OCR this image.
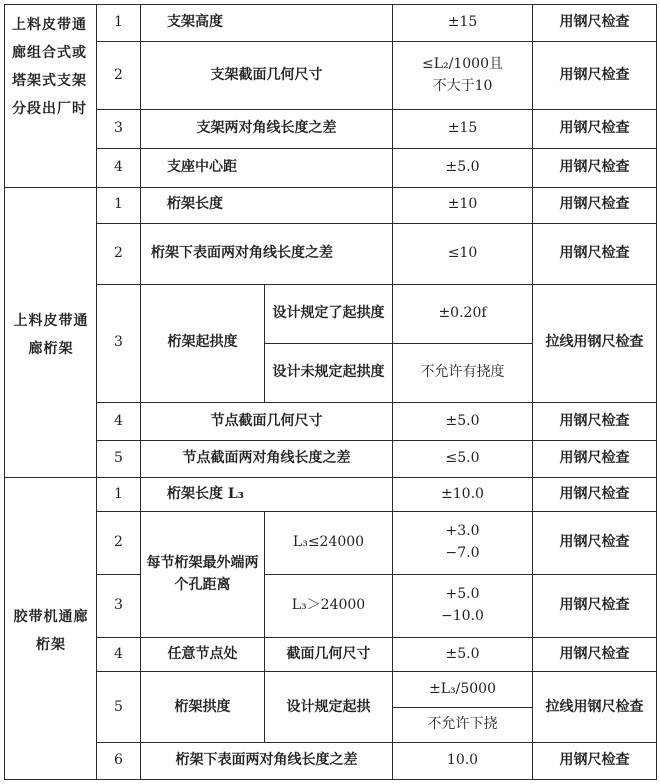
上料皮带通廊组合式或塔架式支架分段出厂时	1	支架高度		±15	用钢尺检查
	2	支架截面几何尺寸		≤L₂/1000且
不大于10	用钢尺检查
	3	支架两对角线长度之差		±15	用钢尺检查
	4	支座中心距		±5.0	用钢尺检查
上料皮带通廊桁架	1	桁架长度		±10	用钢尺检查
	2	桁架下表面两对角线长度之差		≤10	用钢尺检查
	3	桁架起拱度	设计规定了起拱度	±0.20f	拉线用钢尺检查
			设计未规定起拱度	不允许有挠度	
	4	节点截面几何尺寸		±5.0	用钢尺检查
	5	节点截面两对角线长度之差		≤5.0	用钢尺检查
胶带机通廊桁架	1	桁架长度 L₃		±10.0	用钢尺检查
	2	每节桁架最外端两个孔距离	L₃≤24000	+3.0
−7.0	用钢尺检查
	3		L₃＞24000	+5.0
−10.0	用钢尺检查
	4	任意节点处	截面几何尺寸	±5.0	用钢尺检查
	5	桁架拱度	设计规定起拱	±L₃/5000
不允许下挠	拉线用钢尺检查
	6	桁架下表面两对角线长度之差		10.0	用钢尺检查
